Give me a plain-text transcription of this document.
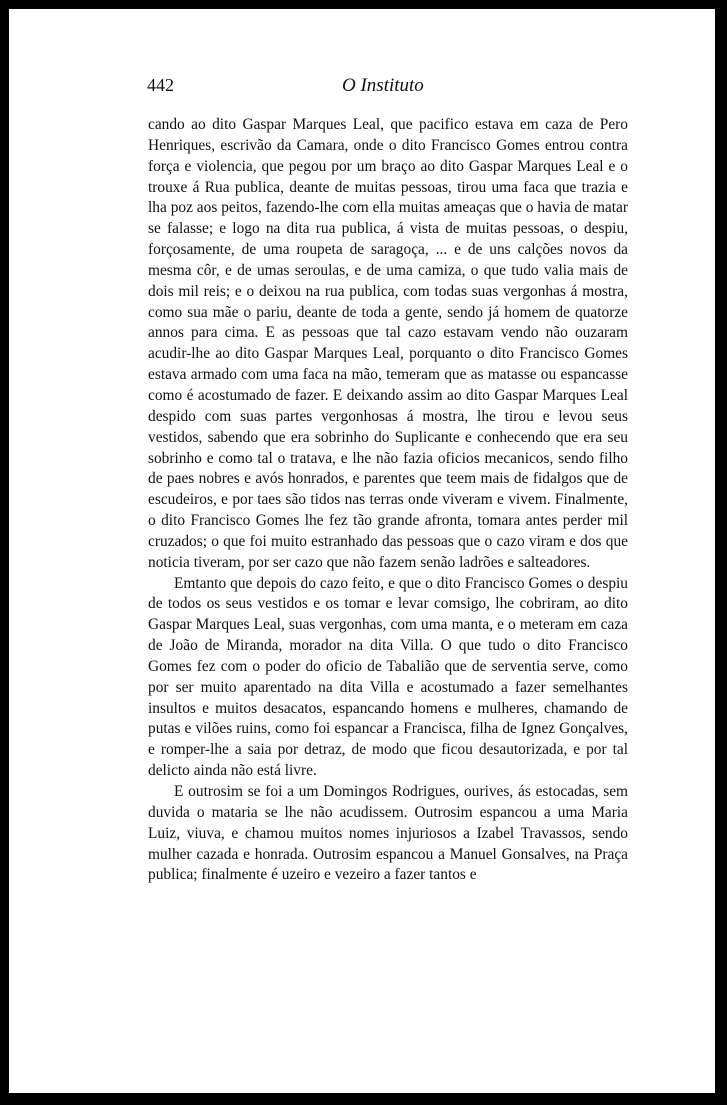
442	O Instituto

cando ao dito Gaspar Marques Leal, que pacifico estava em caza de Pero Henriques, escrivão da Camara, onde o dito Francisco Gomes entrou contra força e violencia, que pegou por um braço ao dito Gaspar Marques Leal e o trouxe á Rua publica, deante de muitas pessoas, tirou uma faca que trazia e lha poz aos peitos, fazendo-lhe com ella muitas ameaças que o havia de matar se falasse; e logo na dita rua publica, á vista de muitas pessoas, o despiu, forçosamente, de uma roupeta de saragoça, ... e de uns calções novos da mesma côr, e de umas seroulas, e de uma camiza, o que tudo valia mais de dois mil reis; e o deixou na rua publica, com todas suas vergonhas á mostra, como sua mãe o pariu, deante de toda a gente, sendo já homem de quatorze annos para cima. E as pessoas que tal cazo estavam vendo não ouzaram acudir-lhe ao dito Gaspar Marques Leal, porquanto o dito Francisco Gomes estava armado com uma faca na mão, temeram que as matasse ou espancasse como é acostumado de fazer. E deixando assim ao dito Gaspar Marques Leal despido com suas partes vergonhosas á mostra, lhe tirou e levou seus vestidos, sabendo que era sobrinho do Suplicante e conhecendo que era seu sobrinho e como tal o tratava, e lhe não fazia oficios mecanicos, sendo filho de paes nobres e avós honrados, e parentes que teem mais de fidalgos que de escudeiros, e por taes são tidos nas terras onde viveram e vivem. Finalmente, o dito Francisco Gomes lhe fez tão grande afronta, tomara antes perder mil cruzados; o que foi muito estranhado das pessoas que o cazo viram e dos que noticia tiveram, por ser cazo que não fazem senão ladrões e salteadores.

Emtanto que depois do cazo feito, e que o dito Francisco Gomes o despiu de todos os seus vestidos e os tomar e levar comsigo, lhe cobriram, ao dito Gaspar Marques Leal, suas vergonhas, com uma manta, e o meteram em caza de João de Miranda, morador na dita Villa. O que tudo o dito Francisco Gomes fez com o poder do oficio de Tabalião que de serventia serve, como por ser muito aparentado na dita Villa e acostumado a fazer semelhantes insultos e muitos desacatos, espancando homens e mulheres, chamando de putas e vilões ruins, como foi espancar a Francisca, filha de Ignez Gonçalves, e romper-lhe a saia por detraz, de modo que ficou desautorizada, e por tal delicto ainda não está livre.

E outrosim se foi a um Domingos Rodrigues, ourives, ás estocadas, sem duvida o mataria se lhe não acudissem. Outrosim espancou a uma Maria Luiz, viuva, e chamou muitos nomes injuriosos a Izabel Travassos, sendo mulher cazada e honrada. Outrosim espancou a Manuel Gonsalves, na Praça publica; finalmente é uzeiro e vezeiro a fazer tantos e
